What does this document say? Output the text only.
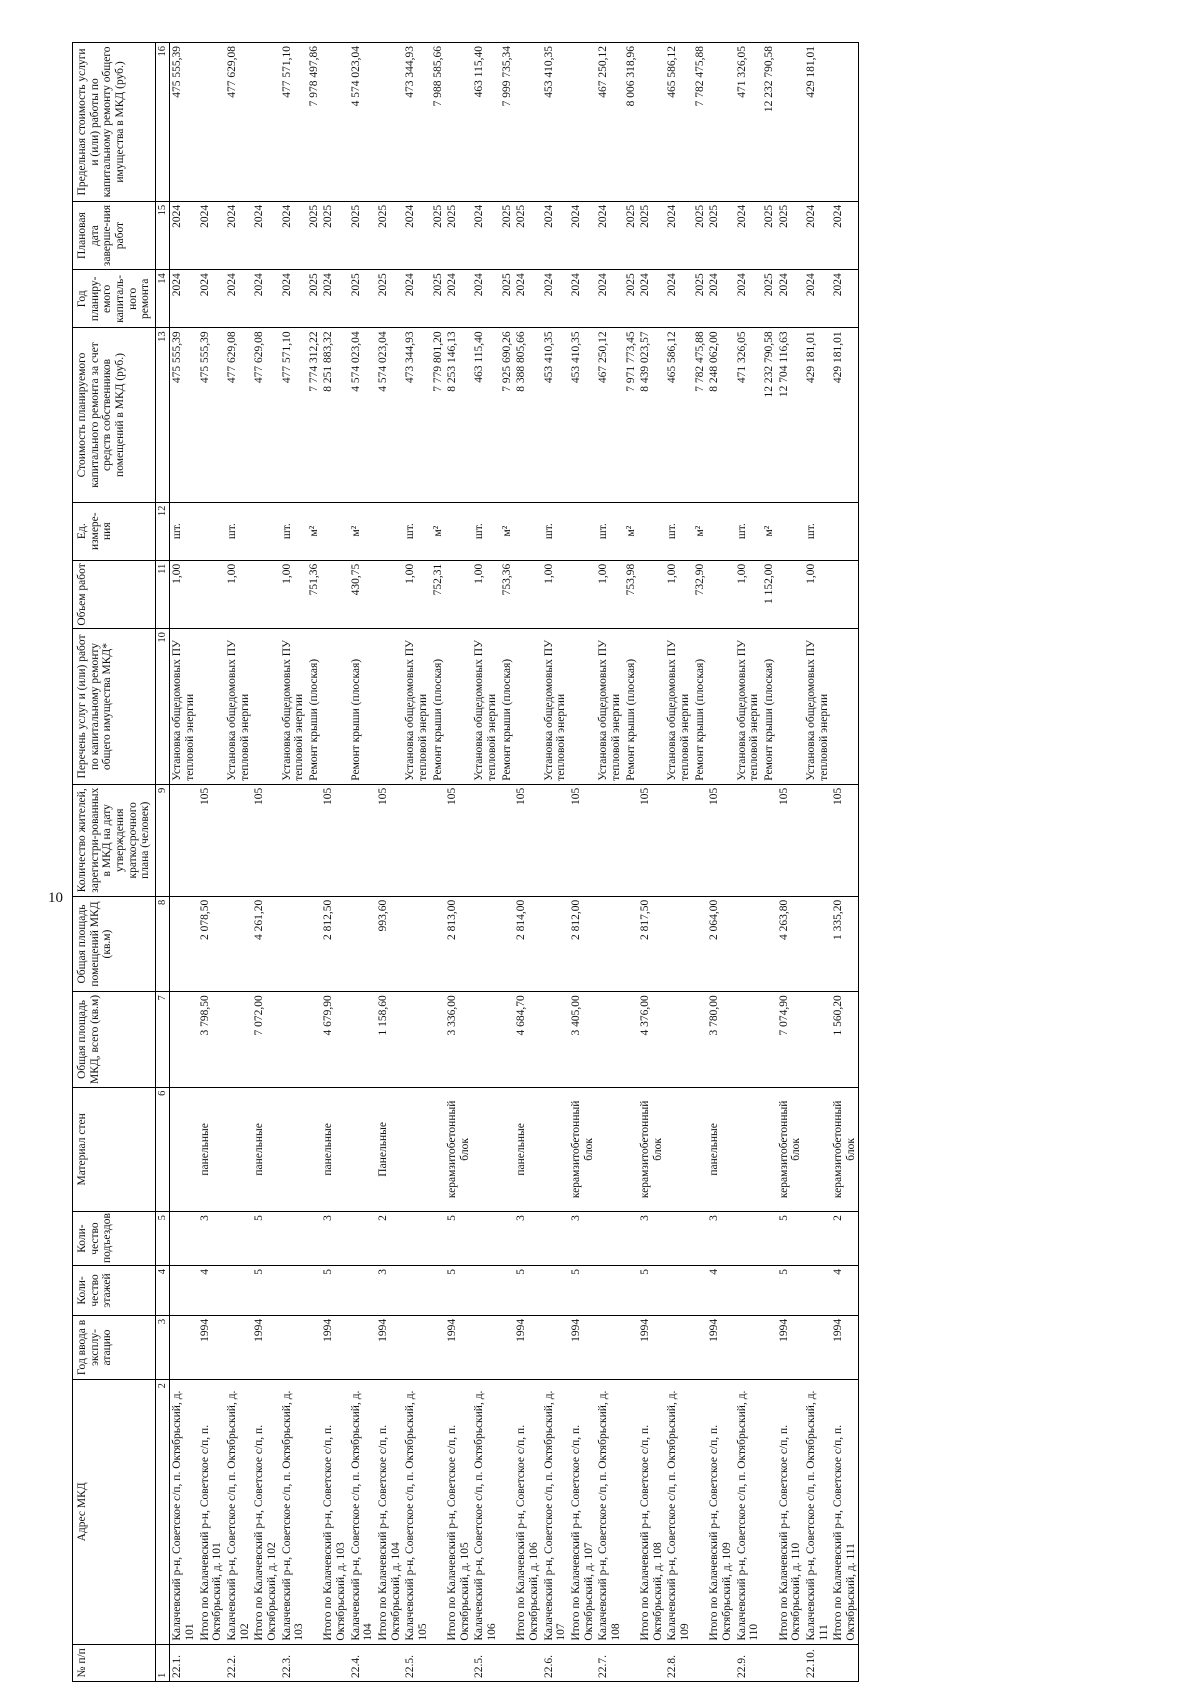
10
№ п/п	Адрес МКД	Год ввода в эксплу-атацию	Коли-чество этажей	Коли-чество подъездов	Материал стен	Общая площадь МКД, всего (кв.м)	Общая площадь помещений МКД (кв.м)	Количество жителей, зарегистри-рованных в МКД на дату утверждения краткосрочного плана (человек)	Перечень услуг и (или) работ по капитальному ремонту общего имущества МКД*	Объем работ	Ед. измере-ния	Стоимость планируемого капитального ремонта за счет средств собственников помещений в МКД (руб.)	Год планиру-емого капиталь-ного ремонта	Плановая дата заверше-ния работ	Предельная стоимость услуги и (или) работы по капитальному ремонту общего имущества в МКД (руб.)
1	2	3	4	5	6	7	8	9	10	11	12	13	14	15	16
22.1.	Калачевский р-н, Советское с/п, п. Октябрьский, д. 101								Установка общедомовых ПУ тепловой энергии	1,00	шт.	475 555,39	2024	2024	475 555,39
	Итого по Калачевский р-н, Советское с/п, п. Октябрьский, д. 101	1994	4	3	панельные	3 798,50	2 078,50	105				475 555,39	2024	2024	
22.2.	Калачевский р-н, Советское с/п, п. Октябрьский, д. 102								Установка общедомовых ПУ тепловой энергии	1,00	шт.	477 629,08	2024	2024	477 629,08
	Итого по Калачевский р-н, Советское с/п, п. Октябрьский, д. 102	1994	5	5	панельные	7 072,00	4 261,20	105				477 629,08	2024	2024	
22.3.	Калачевский р-н, Советское с/п, п. Октябрьский, д. 103								Установка общедомовых ПУ тепловой энергии	1,00	шт.	477 571,10	2024	2024	477 571,10
									Ремонт крыши (плоская)	751,36	м²	7 774 312,22	2025	2025	7 978 497,86
	Итого по Калачевский р-н, Советское с/п, п. Октябрьский, д. 103	1994	5	3	панельные	4 679,90	2 812,50	105				8 251 883,32	2024	2025	
22.4.	Калачевский р-н, Советское с/п, п. Октябрьский, д. 104								Ремонт крыши (плоская)	430,75	м²	4 574 023,04	2025	2025	4 574 023,04
	Итого по Калачевский р-н, Советское с/п, п. Октябрьский, д. 104	1994	3	2	Панельные	1 158,60	993,60	105				4 574 023,04	2025	2025	
22.5.	Калачевский р-н, Советское с/п, п. Октябрьский, д. 105								Установка общедомовых ПУ тепловой энергии	1,00	шт.	473 344,93	2024	2024	473 344,93
									Ремонт крыши (плоская)	752,31	м²	7 779 801,20	2025	2025	7 988 585,66
	Итого по Калачевский р-н, Советское с/п, п. Октябрьский, д. 105	1994	5	5	керамзитобетонный блок	3 336,00	2 813,00	105				8 253 146,13	2024	2025	
22.5.	Калачевский р-н, Советское с/п, п. Октябрьский, д. 106								Установка общедомовых ПУ тепловой энергии	1,00	шт.	463 115,40	2024	2024	463 115,40
									Ремонт крыши (плоская)	753,36	м²	7 925 690,26	2025	2025	7 999 735,34
	Итого по Калачевский р-н, Советское с/п, п. Октябрьский, д. 106	1994	5	3	панельные	4 684,70	2 814,00	105				8 388 805,66	2024	2025	
22.6.	Калачевский р-н, Советское с/п, п. Октябрьский, д. 107								Установка общедомовых ПУ тепловой энергии	1,00	шт.	453 410,35	2024	2024	453 410,35
	Итого по Калачевский р-н, Советское с/п, п. Октябрьский, д. 107	1994	5	3	керамзитобетонный блок	3 405,00	2 812,00	105				453 410,35	2024	2024	
22.7.	Калачевский р-н, Советское с/п, п. Октябрьский, д. 108								Установка общедомовых ПУ тепловой энергии	1,00	шт.	467 250,12	2024	2024	467 250,12
									Ремонт крыши (плоская)	753,98	м²	7 971 773,45	2025	2025	8 006 318,96
	Итого по Калачевский р-н, Советское с/п, п. Октябрьский, д. 108	1994	5	3	керамзитобетонный блок	4 376,00	2 817,50	105				8 439 023,57	2024	2025	
22.8.	Калачевский р-н, Советское с/п, п. Октябрьский, д. 109								Установка общедомовых ПУ тепловой энергии	1,00	шт.	465 586,12	2024	2024	465 586,12
									Ремонт крыши (плоская)	732,90	м²	7 782 475,88	2025	2025	7 782 475,88
	Итого по Калачевский р-н, Советское с/п, п. Октябрьский, д. 109	1994	4	3	панельные	3 780,00	2 064,00	105				8 248 062,00	2024	2025	
22.9.	Калачевский р-н, Советское с/п, п. Октябрьский, д. 110								Установка общедомовых ПУ тепловой энергии	1,00	шт.	471 326,05	2024	2024	471 326,05
									Ремонт крыши (плоская)	1 152,00	м²	12 232 790,58	2025	2025	12 232 790,58
	Итого по Калачевский р-н, Советское с/п, п. Октябрьский, д. 110	1994	5	5	керамзитобетонный блок	7 074,90	4 263,80	105				12 704 116,63	2024	2025	
22.10.	Калачевский р-н, Советское с/п, п. Октябрьский, д. 111								Установка общедомовых ПУ тепловой энергии	1,00	шт.	429 181,01	2024	2024	429 181,01
	Итого по Калачевский р-н, Советское с/п, п. Октябрьский, д. 111	1994	4	2	керамзитобетонный блок	1 560,20	1 335,20	105				429 181,01	2024	2024	
